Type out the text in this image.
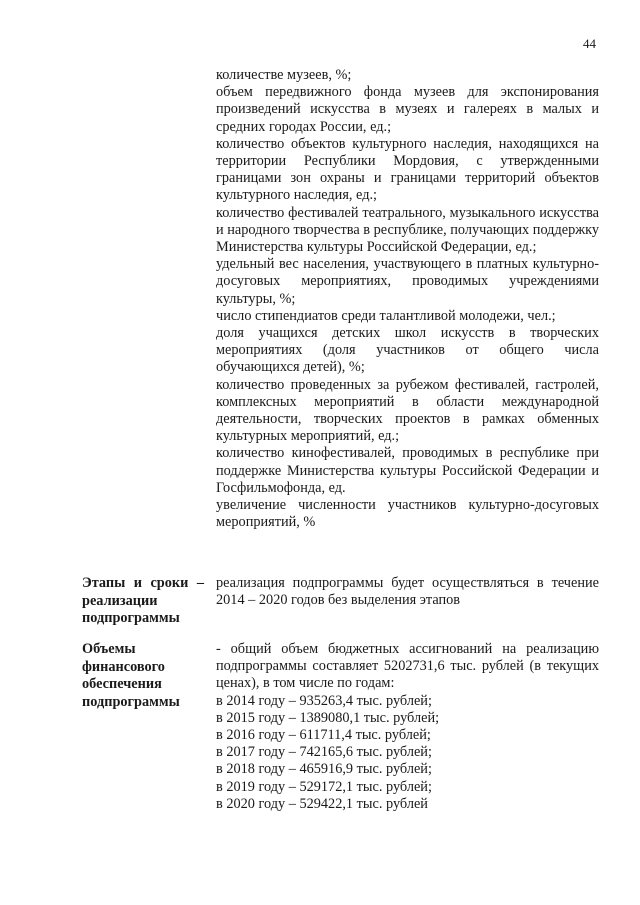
44

количестве музеев, %;

объем передвижного фонда музеев для экспонирования произведений искусства в музеях и галереях в малых и средних городах России, ед.;

количество объектов культурного наследия, находящихся на территории Республики Мордовия, с утвержденными границами зон охраны и границами территорий объектов культурного наследия, ед.;

количество фестивалей театрального, музыкального искусства и народного творчества в республике, получающих поддержку Министерства культуры Российской Федерации, ед.;

удельный вес населения, участвующего в платных культурно-досуговых мероприятиях, проводимых учреждениями культуры, %;

число стипендиатов среди талантливой молодежи, чел.;

доля учащихся детских школ искусств в творческих мероприятиях (доля участников от общего числа обучающихся детей), %;

количество проведенных за рубежом фестивалей, гастролей, комплексных мероприятий в области международной деятельности, творческих проектов в рамках обменных культурных мероприятий, ед.;

количество кинофестивалей, проводимых в республике при поддержке Министерства культуры Российской Федерации и Госфильмофонда, ед.

увеличение численности участников культурно-досуговых мероприятий, %

Этапы и сроки –
реализации
подпрограммы

реализация подпрограммы будет осуществляться в течение 2014 – 2020 годов без выделения этапов

Объемы
финансового
обеспечения
подпрограммы

- общий объем бюджетных ассигнований на реализацию подпрограммы составляет 5202731,6 тыс. рублей (в текущих ценах), в том числе по годам:

в 2014 году – 935263,4 тыс. рублей;

в 2015 году – 1389080,1 тыс. рублей;

в 2016 году – 611711,4 тыс. рублей;

в 2017 году – 742165,6 тыс. рублей;

в 2018 году – 465916,9 тыс. рублей;

в 2019 году – 529172,1 тыс. рублей;

в 2020 году – 529422,1 тыс. рублей
